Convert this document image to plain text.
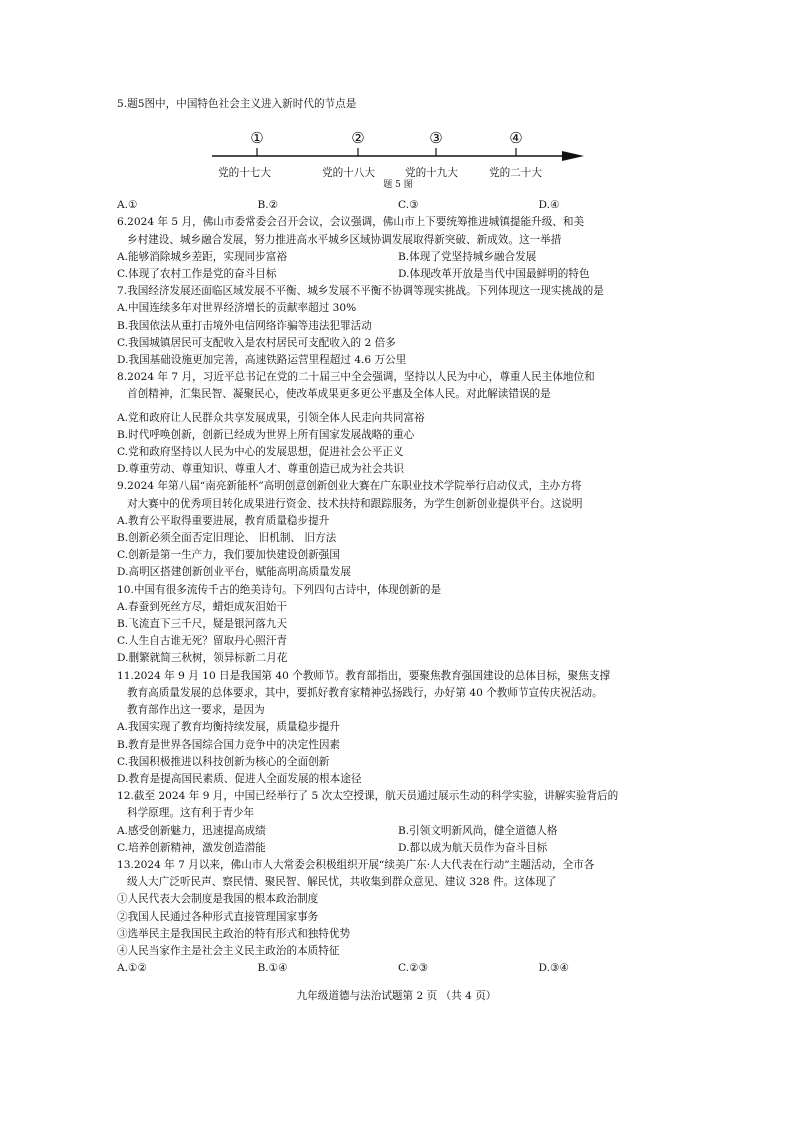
5.题5图中，中国特色社会主义进入新时代的节点是
①	②	③	④
党的十七大	党的十八大	党的十九大	党的二十大
题 5 图
A.①	B.②	C.③	D.④
6.2024 年 5 月，佛山市委常委会召开会议，会议强调，佛山市上下要统筹推进城镇提能升级、和美
乡村建设、城乡融合发展，努力推进高水平城乡区域协调发展取得新突破、新成效。这一举措
A.能够消除城乡差距，实现同步富裕	B.体现了党坚持城乡融合发展
C.体现了农村工作是党的奋斗目标	D.体现改革开放是当代中国最鲜明的特色
7.我国经济发展还面临区域发展不平衡、城乡发展不平衡不协调等现实挑战。下列体现这一现实挑战的是
A.中国连续多年对世界经济增长的贡献率超过 30%
B.我国依法从重打击境外电信网络诈骗等违法犯罪活动
C.我国城镇居民可支配收入是农村居民可支配收入的 2 倍多
D.我国基础设施更加完善，高速铁路运营里程超过 4.6 万公里
8.2024 年 7 月，习近平总书记在党的二十届三中全会强调，坚持以人民为中心，尊重人民主体地位和
首创精神，汇集民智、凝聚民心，使改革成果更多更公平惠及全体人民。对此解读错误的是
A.党和政府让人民群众共享发展成果，引领全体人民走向共同富裕
B.时代呼唤创新，创新已经成为世界上所有国家发展战略的重心
C.党和政府坚持以人民为中心的发展思想，促进社会公平正义
D.尊重劳动、尊重知识、尊重人才、尊重创造已成为社会共识
9.2024 年第八届“南亮新能杯”高明创意创新创业大赛在广东职业技术学院举行启动仪式，主办方将
对大赛中的优秀项目转化成果进行资金、技术扶持和跟踪服务，为学生创新创业提供平台。这说明
A.教育公平取得重要进展，教育质量稳步提升
B.创新必须全面否定旧理论、 旧机制、 旧方法
C.创新是第一生产力，我们要加快建设创新强国
D.高明区搭建创新创业平台，赋能高明高质量发展
10.中国有很多流传千古的绝美诗句。下列四句古诗中，体现创新的是
A.春蚕到死丝方尽，蜡炬成灰泪始干
B.飞流直下三千尺，疑是银河落九天
C.人生自古谁无死？留取丹心照汗青
D.删繁就简三秋树，领异标新二月花
11.2024 年 9 月 10 日是我国第 40 个教师节。教育部指出，要聚焦教育强国建设的总体目标，聚焦支撑
教育高质量发展的总体要求，其中，要抓好教育家精神弘扬践行，办好第 40 个教师节宣传庆祝活动。
教育部作出这一要求，是因为
A.我国实现了教育均衡持续发展，质量稳步提升
B.教育是世界各国综合国力竞争中的决定性因素
C.我国积极推进以科技创新为核心的全面创新
D.教育是提高国民素质、促进人全面发展的根本途径
12.截至 2024 年 9 月，中国已经举行了 5 次太空授课，航天员通过展示生动的科学实验，讲解实验背后的
科学原理。这有利于青少年
A.感受创新魅力，迅速提高成绩	B.引领文明新风尚，健全道德人格
C.培养创新精神，激发创造潜能	D.都以成为航天员作为奋斗目标
13.2024 年 7 月以来，佛山市人大常委会积极组织开展“续美广东·人大代表在行动”主题活动，全市各
级人大广泛听民声、察民情、聚民智、解民忧，共收集到群众意见、建议 328 件。这体现了
①人民代表大会制度是我国的根本政治制度
②我国人民通过各种形式直接管理国家事务
③选举民主是我国民主政治的特有形式和独特优势
④人民当家作主是社会主义民主政治的本质特征
A.①②	B.①④	C.②③	D.③④
九年级道德与法治试题第 2 页 （共 4 页）
